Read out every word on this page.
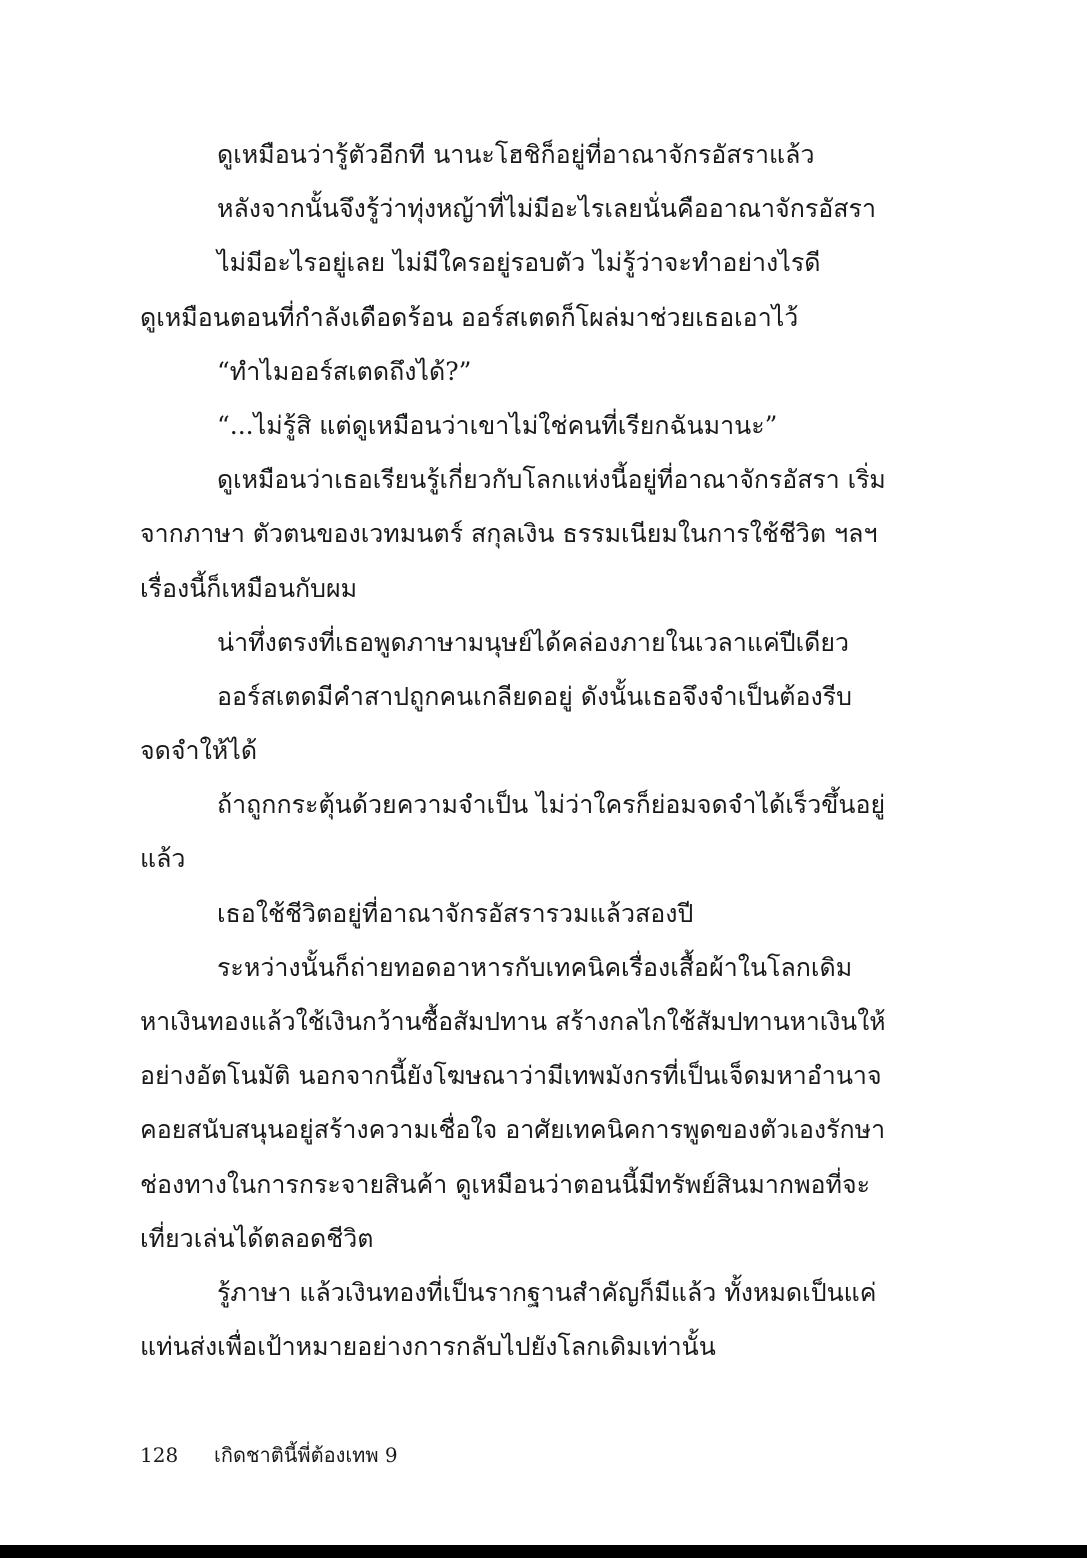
ดูเหมือนว่ารู้ตัวอีกที นานะโฮชิก็อยู่ที่อาณาจักรอัสราแล้ว
หลังจากนั้นจึงรู้ว่าทุ่งหญ้าที่ไม่มีอะไรเลยนั่นคืออาณาจักรอัสรา
ไม่มีอะไรอยู่เลย ไม่มีใครอยู่รอบตัว ไม่รู้ว่าจะทำอย่างไรดี
ดูเหมือนตอนที่กำลังเดือดร้อน ออร์สเตดก็โผล่มาช่วยเธอเอาไว้
“ทำไมออร์สเตดถึงได้?”
“...ไม่รู้สิ แต่ดูเหมือนว่าเขาไม่ใช่คนที่เรียกฉันมานะ”
ดูเหมือนว่าเธอเรียนรู้เกี่ยวกับโลกแห่งนี้อยู่ที่อาณาจักรอัสรา เริ่ม
จากภาษา ตัวตนของเวทมนตร์ สกุลเงิน ธรรมเนียมในการใช้ชีวิต ฯลฯ
เรื่องนี้ก็เหมือนกับผม
น่าทึ่งตรงที่เธอพูดภาษามนุษย์ได้คล่องภายในเวลาแค่ปีเดียว
ออร์สเตดมีคำสาปถูกคนเกลียดอยู่ ดังนั้นเธอจึงจำเป็นต้องรีบ
จดจำให้ได้
ถ้าถูกกระตุ้นด้วยความจำเป็น ไม่ว่าใครก็ย่อมจดจำได้เร็วขึ้นอยู่
แล้ว
เธอใช้ชีวิตอยู่ที่อาณาจักรอัสรารวมแล้วสองปี
ระหว่างนั้นก็ถ่ายทอดอาหารกับเทคนิคเรื่องเสื้อผ้าในโลกเดิม
หาเงินทองแล้วใช้เงินกว้านซื้อสัมปทาน สร้างกลไกใช้สัมปทานหาเงินให้
อย่างอัตโนมัติ นอกจากนี้ยังโฆษณาว่ามีเทพมังกรที่เป็นเจ็ดมหาอำนาจ
คอยสนับสนุนอยู่สร้างความเชื่อใจ อาศัยเทคนิคการพูดของตัวเองรักษา
ช่องทางในการกระจายสินค้า ดูเหมือนว่าตอนนี้มีทรัพย์สินมากพอที่จะ
เที่ยวเล่นได้ตลอดชีวิต
รู้ภาษา แล้วเงินทองที่เป็นรากฐานสำคัญก็มีแล้ว ทั้งหมดเป็นแค่
แท่นส่งเพื่อเป้าหมายอย่างการกลับไปยังโลกเดิมเท่านั้น
128 เกิดชาตินี้พี่ต้องเทพ 9
